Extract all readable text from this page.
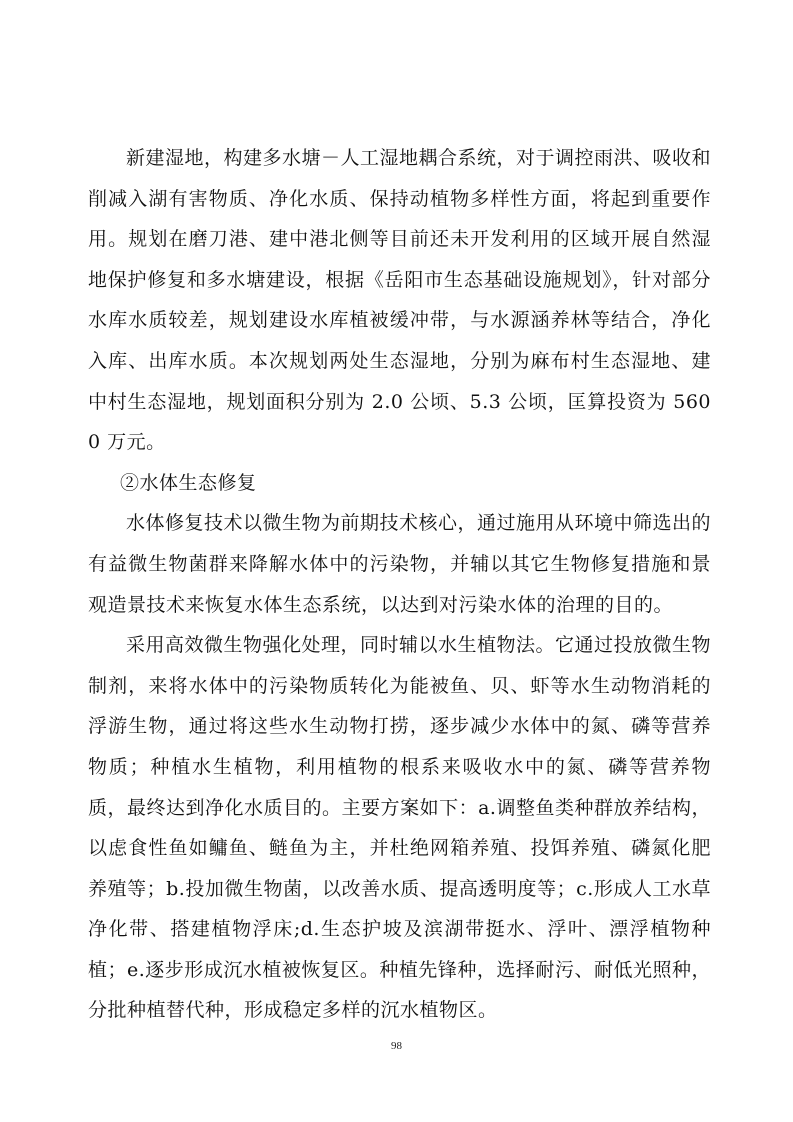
新建湿地，构建多水塘－人工湿地耦合系统，对于调控雨洪、吸收和削减入湖有害物质、净化水质、保持动植物多样性方面，将起到重要作用。规划在磨刀港、建中港北侧等目前还未开发利用的区域开展自然湿地保护修复和多水塘建设，根据《岳阳市生态基础设施规划》，针对部分水库水质较差，规划建设水库植被缓冲带，与水源涵养林等结合，净化入库、出库水质。本次规划两处生态湿地，分别为麻布村生态湿地、建中村生态湿地，规划面积分别为 2.0 公顷、5.3 公顷，匡算投资为 5600 万元。

②水体生态修复

水体修复技术以微生物为前期技术核心，通过施用从环境中筛选出的有益微生物菌群来降解水体中的污染物，并辅以其它生物修复措施和景观造景技术来恢复水体生态系统，以达到对污染水体的治理的目的。

采用高效微生物强化处理，同时辅以水生植物法。它通过投放微生物制剂，来将水体中的污染物质转化为能被鱼、贝、虾等水生动物消耗的浮游生物，通过将这些水生动物打捞，逐步减少水体中的氮、磷等营养物质；种植水生植物，利用植物的根系来吸收水中的氮、磷等营养物质，最终达到净化水质目的。主要方案如下：a.调整鱼类种群放养结构，以虑食性鱼如鳙鱼、鲢鱼为主，并杜绝网箱养殖、投饵养殖、磷氮化肥养殖等；b.投加微生物菌，以改善水质、提高透明度等；c.形成人工水草净化带、搭建植物浮床;d.生态护坡及滨湖带挺水、浮叶、漂浮植物种植；e.逐步形成沉水植被恢复区。种植先锋种，选择耐污、耐低光照种，分批种植替代种，形成稳定多样的沉水植物区。

98
